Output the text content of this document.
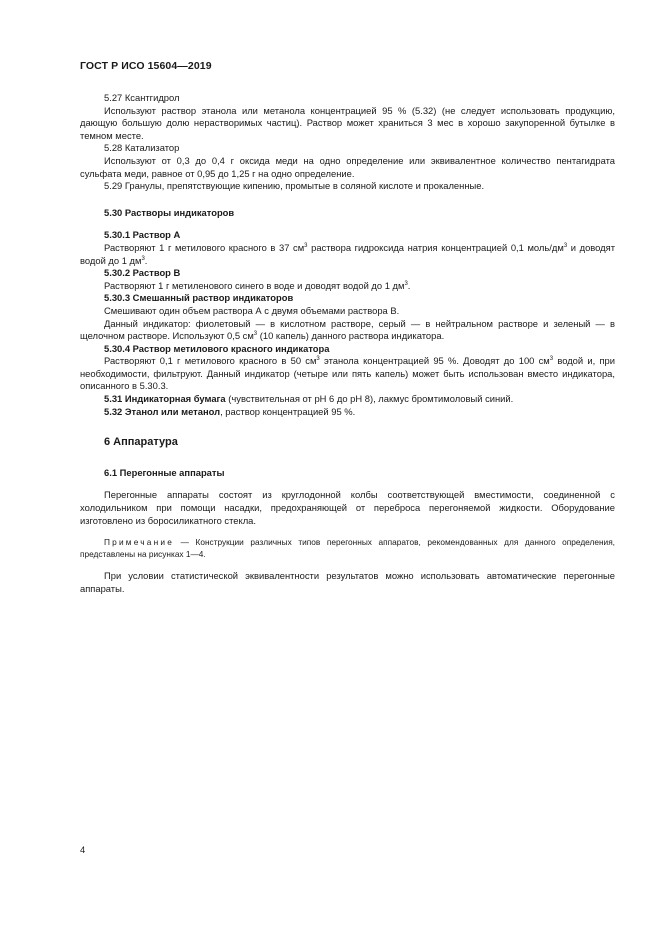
ГОСТ Р ИСО 15604—2019

5.27 Ксантгидрол

Используют раствор этанола или метанола концентрацией 95 % (5.32) (не следует использовать продукцию, дающую большую долю нерастворимых частиц). Раствор может храниться 3 мес в хорошо закупоренной бутылке в темном месте.

5.28 Катализатор

Используют от 0,3 до 0,4 г оксида меди на одно определение или эквивалентное количество пентагидрата сульфата меди, равное от 0,95 до 1,25 г на одно определение.

5.29 Гранулы, препятствующие кипению, промытые в соляной кислоте и прокаленные.

5.30 Растворы индикаторов

5.30.1 Раствор А

Растворяют 1 г метилового красного в 37 $см^3$ раствора гидроксида натрия концентрацией 0,1 моль/$дм^3$ и доводят водой до 1 $дм^3$.

5.30.2 Раствор В

Растворяют 1 г метиленового синего в воде и доводят водой до 1 $дм^3$.

5.30.3 Смешанный раствор индикаторов

Смешивают один объем раствора А с двумя объемами раствора В.

Данный индикатор: фиолетовый — в кислотном растворе, серый — в нейтральном растворе и зеленый — в щелочном растворе. Используют 0,5 $см^3$ (10 капель) данного раствора индикатора.

5.30.4 Раствор метилового красного индикатора

Растворяют 0,1 г метилового красного в 50 $см^3$ этанола концентрацией 95 %. Доводят до 100 $см^3$ водой и, при необходимости, фильтруют. Данный индикатор (четыре или пять капель) может быть использован вместо индикатора, описанного в 5.30.3.

5.31 Индикаторная бумага (чувствительная от рН 6 до рН 8), лакмус бромтимоловый синий.

5.32 Этанол или метанол, раствор концентрацией 95 %.

6 Аппаратура

6.1 Перегонные аппараты

Перегонные аппараты состоят из круглодонной колбы соответствующей вместимости, соединенной с холодильником при помощи насадки, предохраняющей от переброса перегоняемой жидкости. Оборудование изготовлено из боросиликатного стекла.

Примечание — Конструкции различных типов перегонных аппаратов, рекомендованных для данного определения, представлены на рисунках 1—4.

При условии статистической эквивалентности результатов можно использовать автоматические перегонные аппараты.

4
